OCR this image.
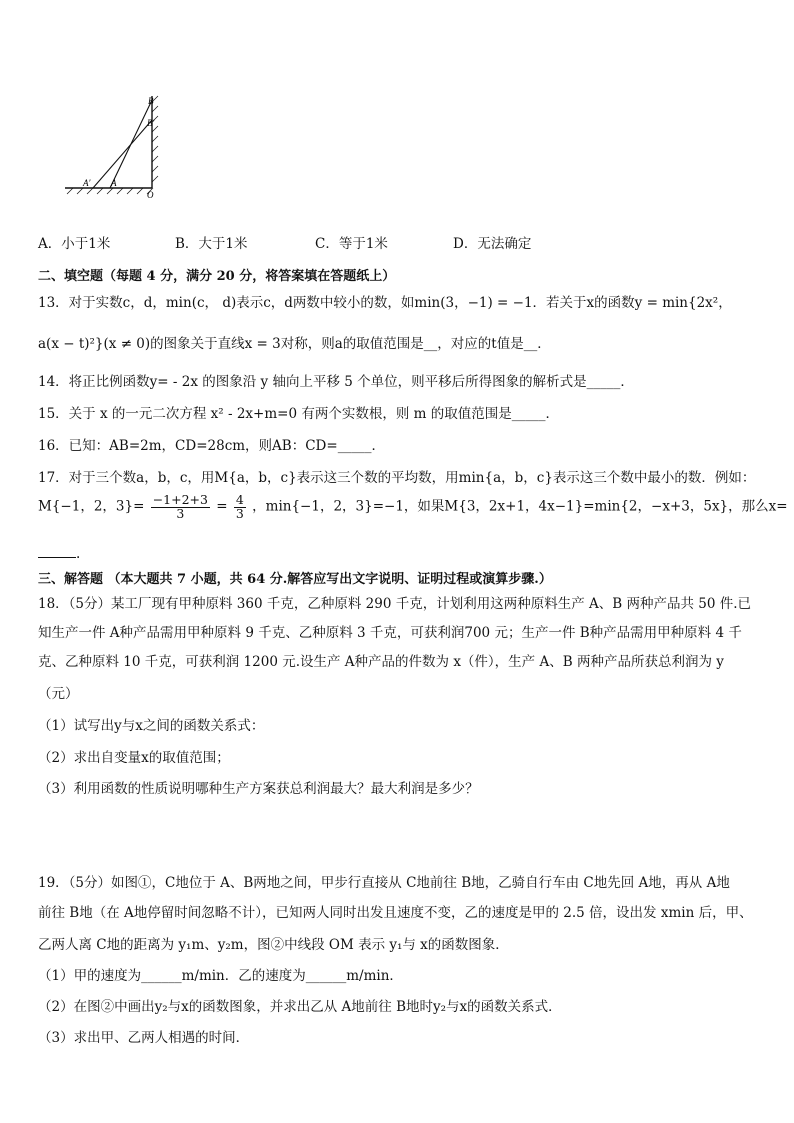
B
B′
A′ A
O
A．小于1米	B．大于1米	C．等于1米	D．无法确定
二、填空题（每题 4 分，满分 20 分，将答案填在答题纸上）
13．对于实数c，d，min(c， d)表示c，d两数中较小的数，如min(3，−1) = −1．若关于x的函数y = min{2x²，
a(x − t)²}(x ≠ 0)的图象关于直线x = 3对称，则a的取值范围是__，对应的t值是__．
14．将正比例函数y= - 2x 的图象沿 y 轴向上平移 5 个单位，则平移后所得图象的解析式是_____．
15．关于 x 的一元二次方程 x² - 2x+m=0 有两个实数根，则 m 的取值范围是_____．
16．已知：AB=2m，CD=28cm，则AB：CD=_____．
17．对于三个数a，b，c，用M{a，b，c}表示这三个数的平均数，用min{a，b，c}表示这三个数中最小的数．例如：
M{−1，2，$3\}= \frac{-1+2+3}{3} = \frac{4}{3}$ ，min{−1，2，3}=−1，如果M{3，2x+1，4x−1}=min{2，−x+3，5x}，那么x=
.
三、解答题 （本大题共 7 小题，共 64 分.解答应写出文字说明、证明过程或演算步骤.）
18．（5分）某工厂现有甲种原料 360 千克，乙种原料 290 千克，计划利用这两种原料生产 A、B 两种产品共 50 件.已
知生产一件 A种产品需用甲种原料 9 千克、乙种原料 3 千克，可获利润700 元；生产一件 B种产品需用甲种原料 4 千
克、乙种原料 10 千克，可获利润 1200 元.设生产 A种产品的件数为 x（件），生产 A、B 两种产品所获总利润为 y
（元）
（1）试写出y与x之间的函数关系式：
（2）求出自变量x的取值范围；
（3）利用函数的性质说明哪种生产方案获总利润最大？最大利润是多少？
19．（5分）如图①，C地位于 A、B两地之间，甲步行直接从 C地前往 B地，乙骑自行车由 C地先回 A地，再从 A地
前往 B地（在 A地停留时间忽略不计），已知两人同时出发且速度不变，乙的速度是甲的 2.5 倍，设出发 xmin 后，甲、
乙两人离 C地的距离为 y₁m、y₂m，图②中线段 OM 表示 y₁与 x的函数图象．
（1）甲的速度为______m/min．乙的速度为______m/min．
（2）在图②中画出y₂与x的函数图象，并求出乙从 A地前往 B地时y₂与x的函数关系式．
（3）求出甲、乙两人相遇的时间．
